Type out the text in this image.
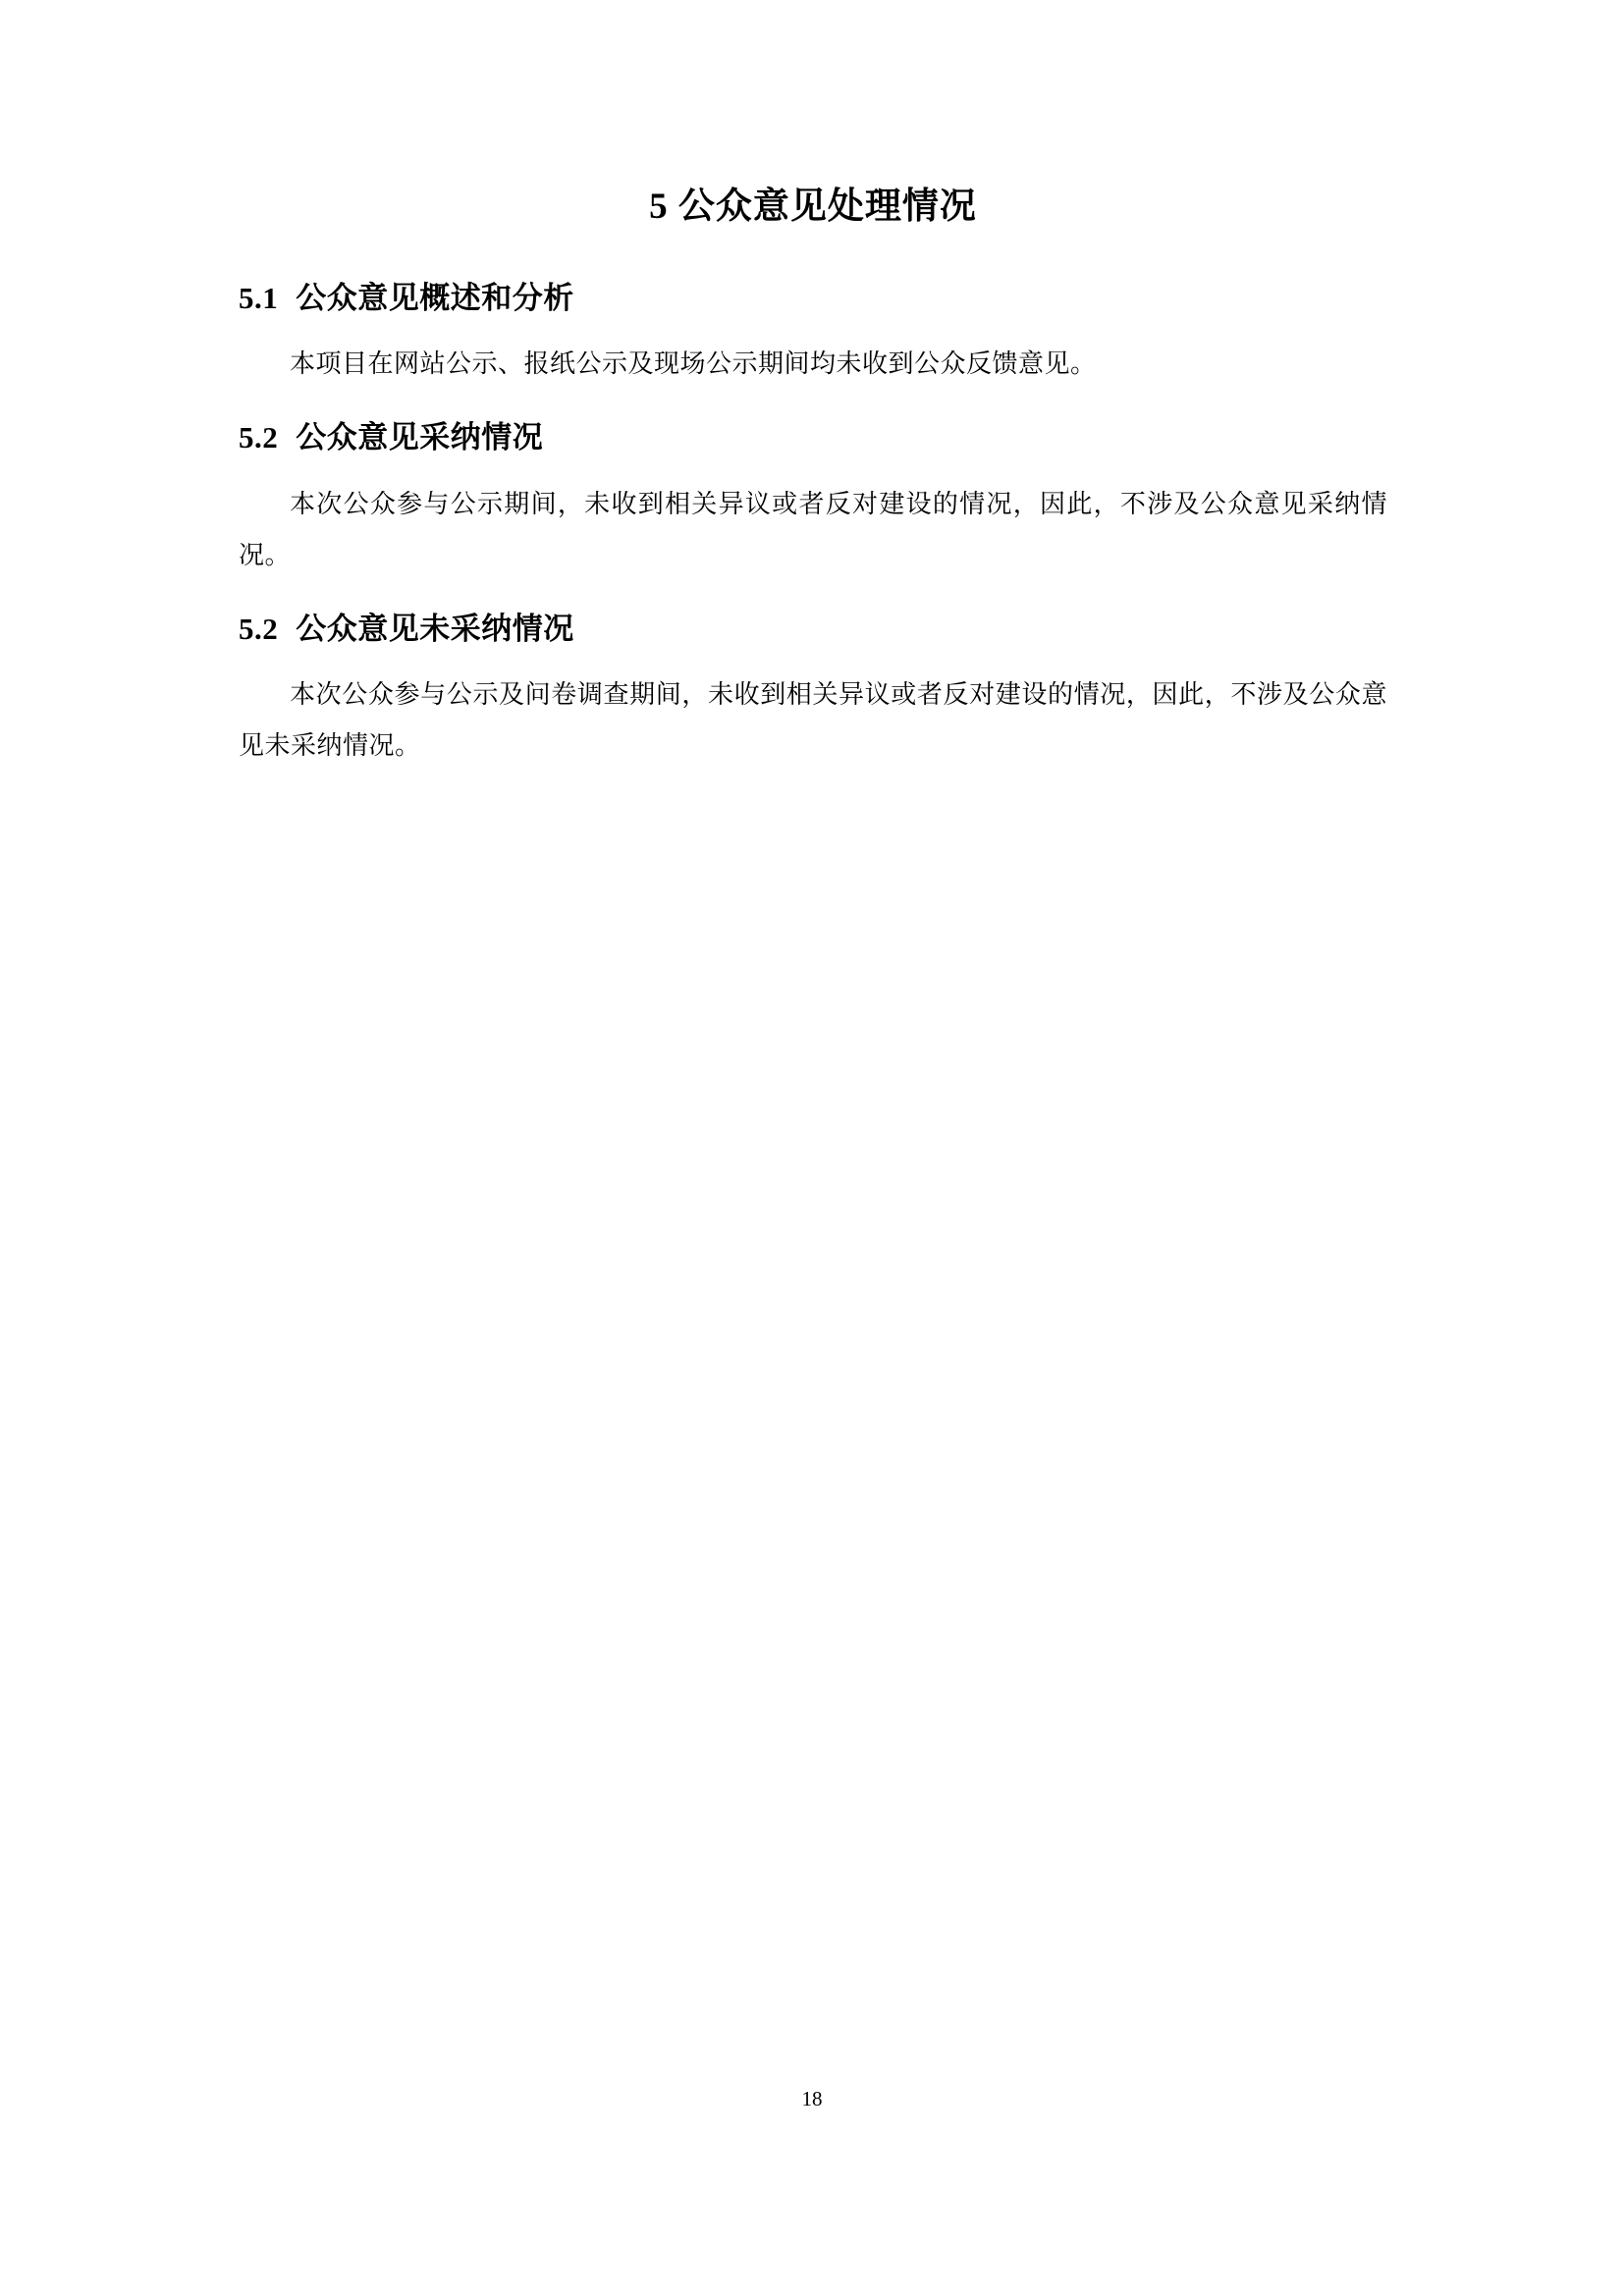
5 公众意见处理情况
5.1 公众意见概述和分析

本项目在网站公示、报纸公示及现场公示期间均未收到公众反馈意见。

5.2 公众意见采纳情况

本次公众参与公示期间，未收到相关异议或者反对建设的情况，因此，不涉及公众意见采纳情况。

5.2 公众意见未采纳情况

本次公众参与公示及问卷调查期间，未收到相关异议或者反对建设的情况，因此，不涉及公众意见未采纳情况。

18
